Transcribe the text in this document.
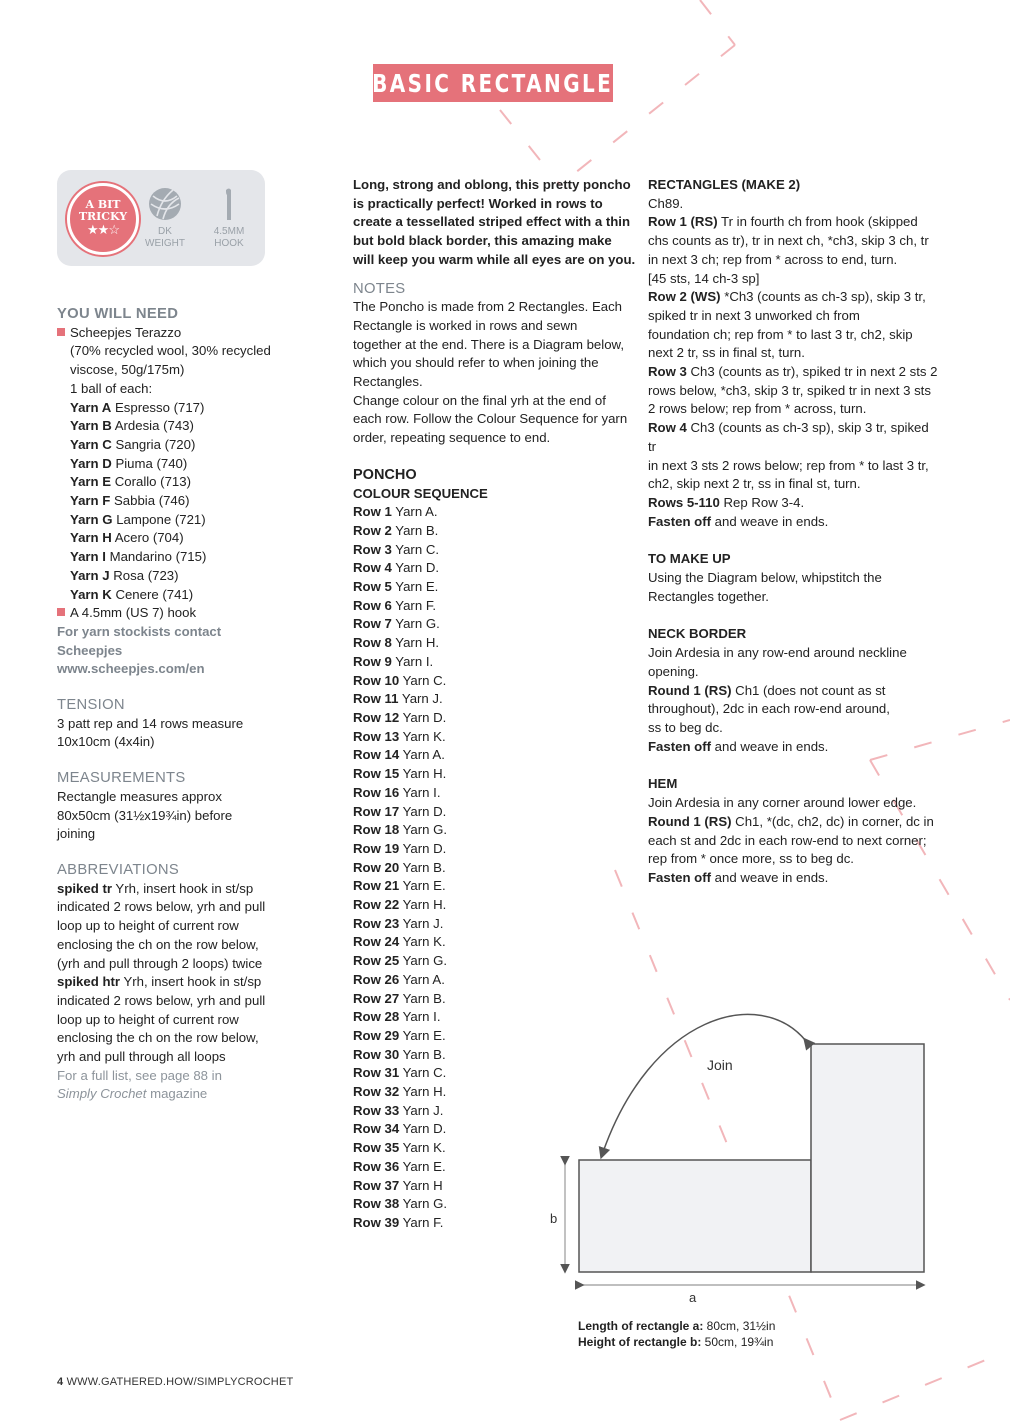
BASIC RECTANGLE
A BIT
TRICKY
★★☆	DK
WEIGHT
4.5MM
HOOK

YOU WILL NEED

Scheepjes Terazzo

(70% recycled wool, 30% recycled

viscose, 50g/175m)

1 ball of each:

Yarn A Espresso (717)

Yarn B Ardesia (743)

Yarn C Sangria (720)

Yarn D Piuma (740)

Yarn E Corallo (713)

Yarn F Sabbia (746)

Yarn G Lampone (721)

Yarn H Acero (704)

Yarn I Mandarino (715)

Yarn J Rosa (723)

Yarn K Cenere (741)

A 4.5mm (US 7) hook

For yarn stockists contact

Scheepjes

www.scheepjes.com/en

TENSION

3 patt rep and 14 rows measure

10x10cm (4x4in)

MEASUREMENTS

Rectangle measures approx

80x50cm (31½x19¾in) before

joining

ABBREVIATIONS

spiked tr Yrh, insert hook in st/sp

indicated 2 rows below, yrh and pull

loop up to height of current row

enclosing the ch on the row below,

(yrh and pull through 2 loops) twice

spiked htr Yrh, insert hook in st/sp

indicated 2 rows below, yrh and pull

loop up to height of current row

enclosing the ch on the row below,

yrh and pull through all loops

For a full list, see page 88 in

Simply Crochet magazine

Long, strong and oblong, this pretty poncho

is practically perfect! Worked in rows to

create a tessellated striped effect with a thin

but bold black border, this amazing make

will keep you warm while all eyes are on you.

NOTES

The Poncho is made from 2 Rectangles. Each

Rectangle is worked in rows and sewn

together at the end. There is a Diagram below,

which you should refer to when joining the

Rectangles.

Change colour on the final yrh at the end of

each row. Follow the Colour Sequence for yarn

order, repeating sequence to end.

PONCHO

COLOUR SEQUENCE

Row 1 Yarn A.

Row 2 Yarn B.

Row 3 Yarn C.

Row 4 Yarn D.

Row 5 Yarn E.

Row 6 Yarn F.

Row 7 Yarn G.

Row 8 Yarn H.

Row 9 Yarn I.

Row 10 Yarn C.

Row 11 Yarn J.

Row 12 Yarn D.

Row 13 Yarn K.

Row 14 Yarn A.

Row 15 Yarn H.

Row 16 Yarn I.

Row 17 Yarn D.

Row 18 Yarn G.

Row 19 Yarn D.

Row 20 Yarn B.

Row 21 Yarn E.

Row 22 Yarn H.

Row 23 Yarn J.

Row 24 Yarn K.

Row 25 Yarn G.

Row 26 Yarn A.

Row 27 Yarn B.

Row 28 Yarn I.

Row 29 Yarn E.

Row 30 Yarn B.

Row 31 Yarn C.

Row 32 Yarn H.

Row 33 Yarn J.

Row 34 Yarn D.

Row 35 Yarn K.

Row 36 Yarn E.

Row 37 Yarn H

Row 38 Yarn G.

Row 39 Yarn F.

RECTANGLES (MAKE 2)

Ch89.

Row 1 (RS) Tr in fourth ch from hook (skipped

chs counts as tr), tr in next ch, *ch3, skip 3 ch, tr

in next 3 ch; rep from * across to end, turn.

[45 sts, 14 ch-3 sp]

Row 2 (WS) *Ch3 (counts as ch-3 sp), skip 3 tr,

spiked tr in next 3 unworked ch from

foundation ch; rep from * to last 3 tr, ch2, skip

next 2 tr, ss in final st, turn.

Row 3 Ch3 (counts as tr), spiked tr in next 2 sts 2

rows below, *ch3, skip 3 tr, spiked tr in next 3 sts

2 rows below; rep from * across, turn.

Row 4 Ch3 (counts as ch-3 sp), skip 3 tr, spiked tr

in next 3 sts 2 rows below; rep from * to last 3 tr,

ch2, skip next 2 tr, ss in final st, turn.

Rows 5-110 Rep Row 3-4.

Fasten off and weave in ends.

TO MAKE UP

Using the Diagram below, whipstitch the

Rectangles together.

NECK BORDER

Join Ardesia in any row-end around neckline

opening.

Round 1 (RS) Ch1 (does not count as st

throughout), 2dc in each row-end around,

ss to beg dc.

Fasten off and weave in ends.

HEM

Join Ardesia in any corner around lower edge.

Round 1 (RS) Ch1, *(dc, ch2, dc) in corner, dc in

each st and 2dc in each row-end to next corner;

rep from * once more, ss to beg dc.

Fasten off and weave in ends.

Join
b
a
Length of rectangle a: 80cm, 31½in
Height of rectangle b: 50cm, 19¾in
4 WWW.GATHERED.HOW/SIMPLYCROCHET
